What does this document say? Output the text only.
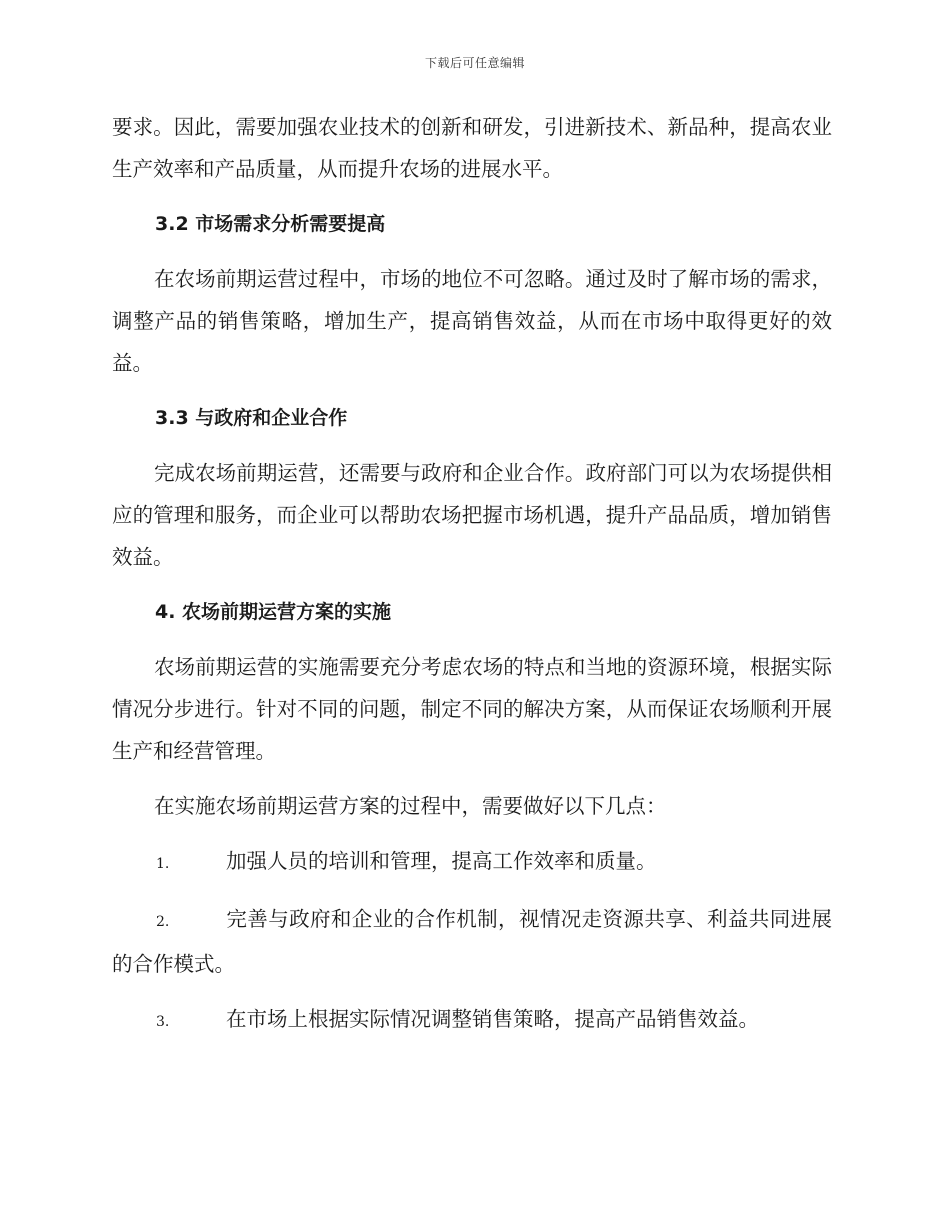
下载后可任意编辑

要求。因此，需要加强农业技术的创新和研发，引进新技术、新品种，提高农业生产效率和产品质量，从而提升农场的进展水平。

3.2 市场需求分析需要提高

在农场前期运营过程中，市场的地位不可忽略。通过及时了解市场的需求，调整产品的销售策略，增加生产，提高销售效益，从而在市场中取得更好的效益。

3.3 与政府和企业合作

完成农场前期运营，还需要与政府和企业合作。政府部门可以为农场提供相应的管理和服务，而企业可以帮助农场把握市场机遇，提升产品品质，增加销售效益。

4. 农场前期运营方案的实施

农场前期运营的实施需要充分考虑农场的特点和当地的资源环境，根据实际情况分步进行。针对不同的问题，制定不同的解决方案，从而保证农场顺利开展生产和经营管理。

在实施农场前期运营方案的过程中，需要做好以下几点：

1.	加强人员的培训和管理，提高工作效率和质量。

2.	完善与政府和企业的合作机制，视情况走资源共享、利益共同进展的合作模式。

3.	在市场上根据实际情况调整销售策略，提高产品销售效益。
